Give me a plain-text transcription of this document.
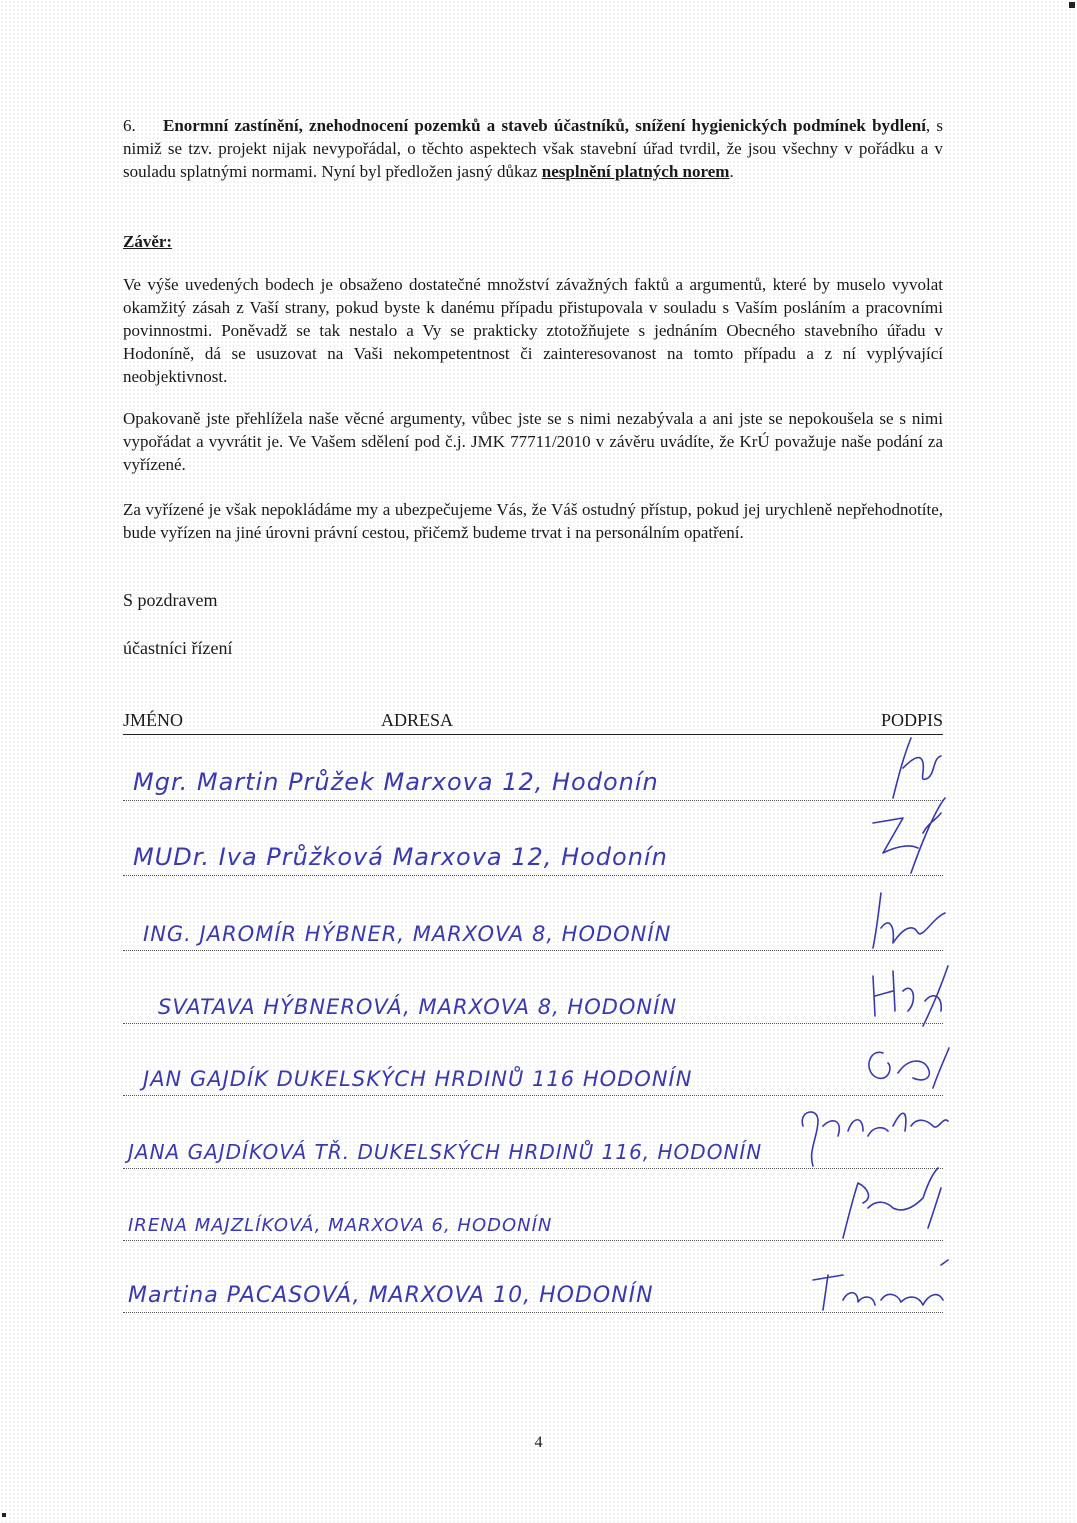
6. Enormní zastínění, znehodnocení pozemků a staveb účastníků, snížení hygienických podmínek bydlení, s nimiž se tzv. projekt nijak nevypořádal, o těchto aspektech však stavební úřad tvrdil, že jsou všechny v pořádku a v souladu splatnými normami. Nyní byl předložen jasný důkaz nesplnění platných norem.

Závěr:

Ve výše uvedených bodech je obsaženo dostatečné množství závažných faktů a argumentů, které by muselo vyvolat okamžitý zásah z Vaší strany, pokud byste k danému případu přistupovala v souladu s Vaším posláním a pracovními povinnostmi. Poněvadž se tak nestalo a Vy se prakticky ztotožňujete s jednáním Obecného stavebního úřadu v Hodoníně, dá se usuzovat na Vaši nekompetentnost či zainteresovanost na tomto případu a z ní vyplývající neobjektivnost.

Opakovaně jste přehlížela naše věcné argumenty, vůbec jste se s nimi nezabývala a ani jste se nepokoušela se s nimi vypořádat a vyvrátit je. Ve Vašem sdělení pod č.j. JMK 77711/2010 v závěru uvádíte, že KrÚ považuje naše podání za vyřízené.

Za vyřízené je však nepokládáme my a ubezpečujeme Vás, že Váš ostudný přístup, pokud jej urychleně nepřehodnotíte, bude vyřízen na jiné úrovni právní cestou, přičemž budeme trvat i na personálním opatření.

S pozdravem
účastníci řízení
JMÉNO	ADRESA	PODPIS
Mgr. Martin Průžek Marxova 12, Hodonín
MUDr. Iva Průžková Marxova 12, Hodonín
ING. JAROMÍR HÝBNER, MARXOVA 8, HODONÍN
SVATAVA HÝBNEROVÁ, MARXOVA 8, HODONÍN
JAN GAJDÍK DUKELSKÝCH HRDINŮ 116 HODONÍN
JANA GAJDÍKOVÁ TŘ. DUKELSKÝCH HRDINŮ 116, HODONÍN
IRENA MAJZLÍKOVÁ, MARXOVA 6, HODONÍN
Martina PACASOVÁ, MARXOVA 10, HODONÍN
4
